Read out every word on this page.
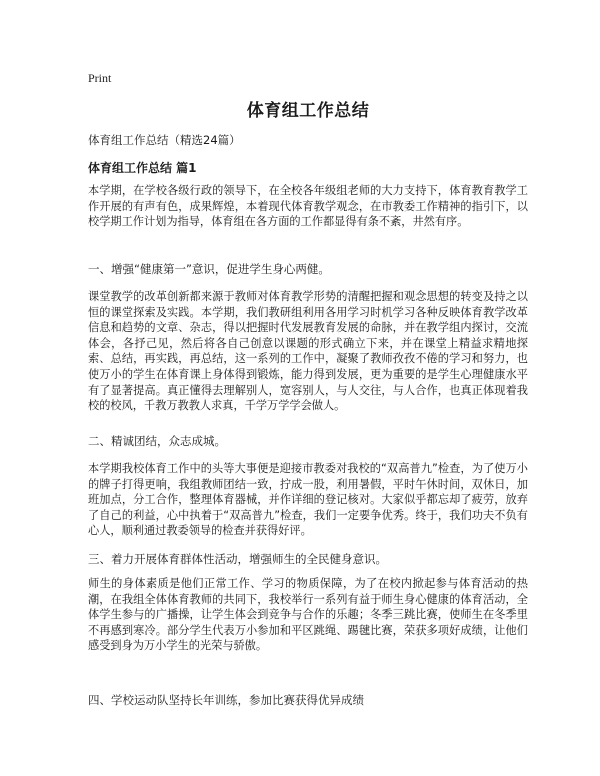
Print
体育组工作总结
体育组工作总结（精选24篇）
体育组工作总结 篇1

本学期，在学校各级行政的领导下，在全校各年级组老师的大力支持下，体育教育教学工作开展的有声有色，成果辉煌，本着现代体育教学观念，在市教委工作精神的指引下，以校学期工作计划为指导，体育组在各方面的工作都显得有条不紊，井然有序。

一、增强“健康第一”意识，促进学生身心两健。

课堂教学的改革创新都来源于教师对体育教学形势的清醒把握和观念思想的转变及持之以恒的课堂探索及实践。本学期，我们教研组利用各用学习时机学习各种反映体育教学改革信息和趋势的文章、杂志，得以把握时代发展教育发展的命脉，并在教学组内探讨，交流体会，各抒己见，然后将各自己创意以课题的形式确立下来，并在课堂上精益求精地探索、总结，再实践，再总结，这一系列的工作中，凝聚了教师孜孜不倦的学习和努力，也使万小的学生在体育课上身体得到锻炼，能力得到发展，更为重要的是学生心理健康水平有了显著提高。真正懂得去理解别人，宽容别人，与人交往，与人合作，也真正体现着我校的校风，千教万教教人求真，千学万学学会做人。

二、精诚团结，众志成城。

本学期我校体育工作中的头等大事便是迎接市教委对我校的“双高普九”检查，为了使万小的牌子打得更响，我组教师团结一致，拧成一股，利用暑假，平时午休时间，双休日，加班加点，分工合作，整理体育器械，并作详细的登记核对。大家似乎都忘却了疲劳，放弃了自己的利益，心中执着于“双高普九”检查，我们一定要争优秀。终于，我们功夫不负有心人，顺利通过教委领导的检查并获得好评。

三、着力开展体育群体性活动，增强师生的全民健身意识。

师生的身体素质是他们正常工作、学习的物质保障，为了在校内掀起参与体育活动的热潮，在我组全体体育教师的共同下，我校举行一系列有益于师生身心健康的体育活动，全体学生参与的广播操，让学生体会到竞争与合作的乐趣；冬季三跳比赛，使师生在冬季里不再感到寒冷。部分学生代表万小参加和平区跳绳、踢毽比赛，荣获多项好成绩，让他们感受到身为万小学生的光荣与骄傲。

四、学校运动队坚持长年训练，参加比赛获得优异成绩
